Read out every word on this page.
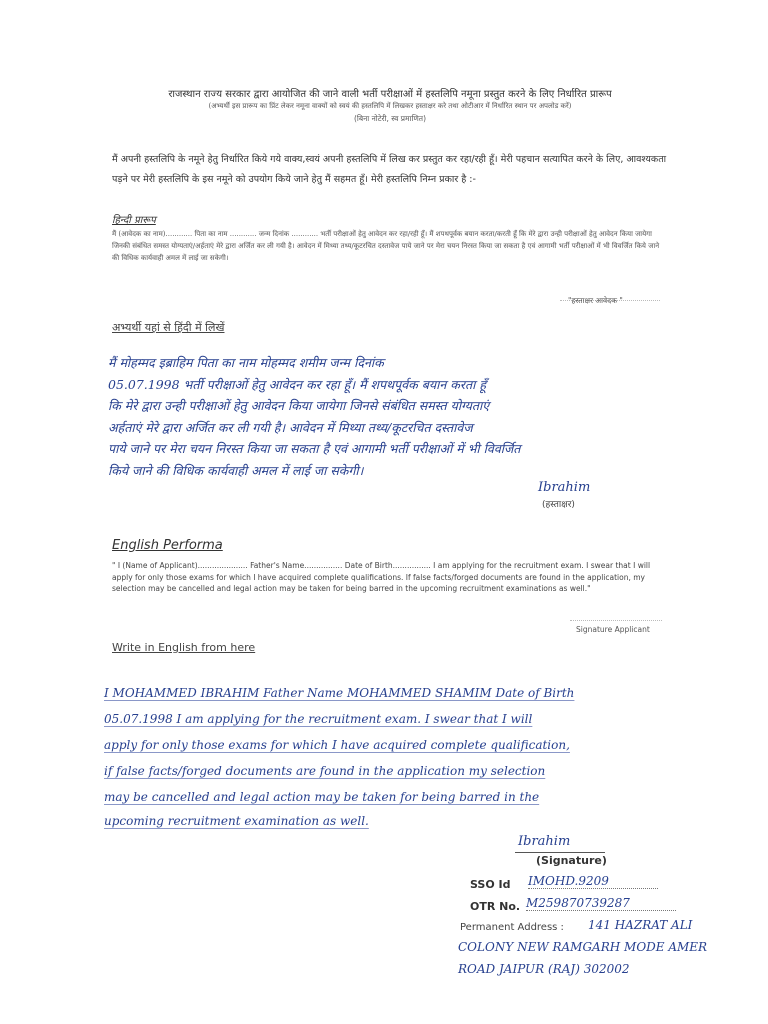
राजस्थान राज्य सरकार द्वारा आयोजित की जाने वाली भर्ती परीक्षाओं में हस्तलिपि नमूना प्रस्तुत करने के लिए निर्धारित प्रारूप
(अभ्यर्थी इस प्रारूप का प्रिंट लेकर नमूना वाक्यों को स्वयं की हस्तलिपि में लिखकर हस्ताक्षर करे तथा ओटीआर में निर्धारित स्थान पर अपलोड करें)
(बिना नोटेरी, स्व प्रमाणित)
मैं अपनी हस्तलिपि के नमूने हेतु निर्धारित किये गये वाक्य,स्वयं अपनी हस्तलिपि में लिख कर प्रस्तुत कर रहा/रही हूँ। मेरी पहचान सत्यापित करने के लिए, आवश्यकता पड़ने पर मेरी हस्तलिपि के इस नमूने को उपयोग किये जाने हेतु मैं सहमत हूँ। मेरी हस्तलिपि निम्न प्रकार है :-
हिन्दी प्रारूप
मैं (आवेदक का नाम)............ पिता का नाम ............ जन्म दिनांक ............ भर्ती परीक्षाओं हेतु आवेदन कर रहा/रही हूँ। मैं शपथपूर्वक बयान करता/करती हूँ कि मेरे द्वारा उन्ही परीक्षाओं हेतु आवेदन किया जायेगा जिनकी संबंधित समस्त योग्यताएं/अर्हताएं मेरे द्वारा अर्जित कर ली गयी है। आवेदन में मिथ्या तथ्य/कूटरचित दस्तावेज पाये जाने पर मेरा चयन निरस्त किया जा सकता है एवं आगामी भर्ती परीक्षाओं में भी विवर्जित किये जाने की विधिक कार्यवाही अमल में लाई जा सकेगी।
"हस्ताक्षर आवेदक "
अभ्यर्थी यहां से हिंदी में लिखें
मैं मोहम्मद इब्राहिम पिता का नाम मोहम्मद शमीम जन्म दिनांक
05.07.1998 भर्ती परीक्षाओं हेतु आवेदन कर रहा हूँ। मैं शपथपूर्वक बयान करता हूँ
कि मेरे द्वारा उन्ही परीक्षाओं हेतु आवेदन किया जायेगा जिनसे संबंधित समस्त योग्यताएं
अर्हताएं मेरे द्वारा अर्जित कर ली गयी है। आवेदन में मिथ्या तथ्य/कूटरचित दस्तावेज
पाये जाने पर मेरा चयन निरस्त किया जा सकता है एवं आगामी भर्ती परीक्षाओं में भी विवर्जित
किये जाने की विधिक कार्यवाही अमल में लाई जा सकेगी।
Ibrahim
(हस्ताक्षर)
English Performa
" I (Name of Applicant)..................... Father's Name................ Date of Birth................ I am applying for the recruitment exam. I swear that I will apply for only those exams for which I have acquired complete qualifications. If false facts/forged documents are found in the application, my selection may be cancelled and legal action may be taken for being barred in the upcoming recruitment examinations as well."
Signature Applicant
Write in English from here
I MOHAMMED IBRAHIM Father Name MOHAMMED SHAMIM Date of Birth
05.07.1998 I am applying for the recruitment exam. I swear that I will
apply for only those exams for which I have acquired complete qualification,
if false facts/forged documents are found in the application my selection
may be cancelled and legal action may be taken for being barred in the
upcoming recruitment examination as well.
Ibrahim
(Signature)
SSO Id IMOHD.9209
OTR No. M259870739287
Permanent Address : 141 HAZRAT ALI
COLONY NEW RAMGARH MODE AMER
ROAD JAIPUR (RAJ) 302002
